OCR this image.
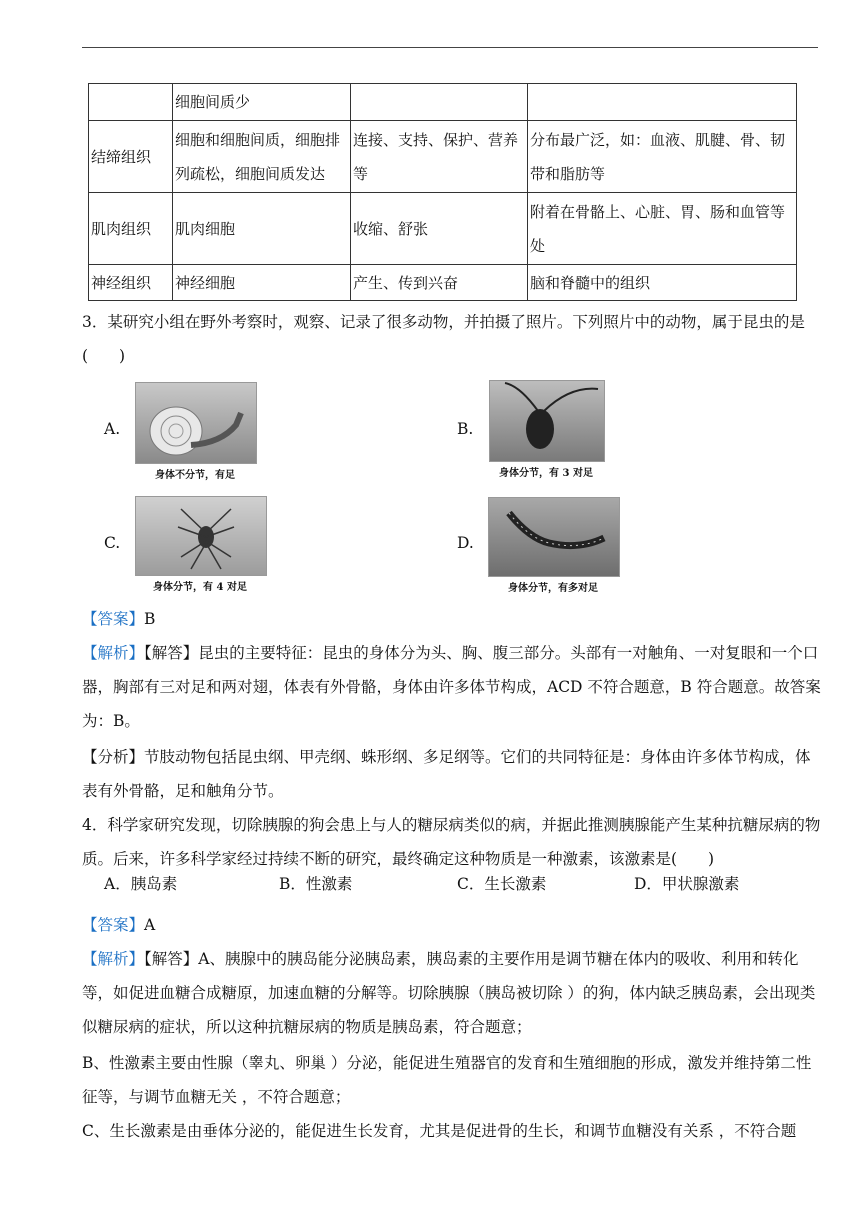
	细胞间质少		
结缔组织	细胞和细胞间质，细胞排列疏松，细胞间质发达	连接、支持、保护、营养等	分布最广泛，如：血液、肌腱、骨、韧带和脂肪等
肌肉组织	肌肉细胞	收缩、舒张	附着在骨骼上、心脏、胃、肠和血管等处
神经组织	神经细胞	产生、传到兴奋	脑和脊髓中的组织
3．某研究小组在野外考察时，观察、记录了很多动物，并拍摄了照片。下列照片中的动物，属于昆虫的是(　　)
A.
身体不分节，有足
B.
身体分节，有 3 对足
C.
身体分节，有 4 对足
D.
身体分节，有多对足
【答案】B
【解析】【解答】昆虫的主要特征：昆虫的身体分为头、胸、腹三部分。头部有一对触角、一对复眼和一个口器，胸部有三对足和两对翅，体表有外骨骼，身体由许多体节构成，ACD 不符合题意，B 符合题意。故答案为：B。
【分析】节肢动物包括昆虫纲、甲壳纲、蛛形纲、多足纲等。它们的共同特征是：身体由许多体节构成，体表有外骨骼，足和触角分节。
4．科学家研究发现，切除胰腺的狗会患上与人的糖尿病类似的病，并据此推测胰腺能产生某种抗糖尿病的物质。后来，许多科学家经过持续不断的研究，最终确定这种物质是一种激素，该激素是(　　)
A．胰岛素	B．性激素	C．生长激素	D．甲状腺激素
【答案】A
【解析】【解答】A、胰腺中的胰岛能分泌胰岛素，胰岛素的主要作用是调节糖在体内的吸收、利用和转化等，如促进血糖合成糖原，加速血糖的分解等。切除胰腺（胰岛被切除 ）的狗，体内缺乏胰岛素，会出现类似糖尿病的症状，所以这种抗糖尿病的物质是胰岛素，符合题意；
B、性激素主要由性腺（睾丸、卵巢 ）分泌，能促进生殖器官的发育和生殖细胞的形成，激发并维持第二性征等，与调节血糖无关 ，不符合题意；
C、生长激素是由垂体分泌的，能促进生长发育，尤其是促进骨的生长，和调节血糖没有关系 ，不符合题
